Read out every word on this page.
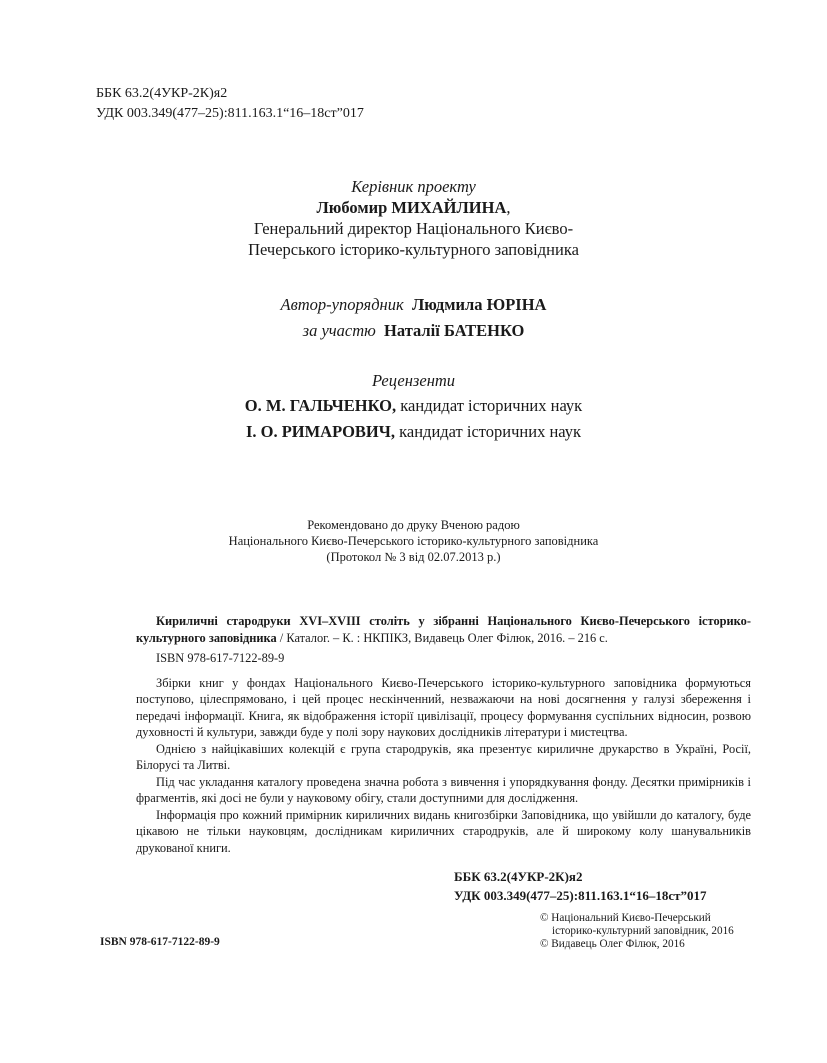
ББК 63.2(4УКР-2К)я2
УДК 003.349(477–25):811.163.1“16–18ст”017
Керівник проекту
Любомир МИХАЙЛИНА,
Генеральний директор Національного Києво-
Печерського історико-культурного заповідника
Автор-упорядник Людмила ЮРІНА
за участю Наталії БАТЕНКО
Рецензенти
О. М. ГАЛЬЧЕНКО, кандидат історичних наук
І. О. РИМАРОВИЧ, кандидат історичних наук
Рекомендовано до друку Вченою радою
Національного Києво-Печерського історико-культурного заповідника
(Протокол № 3 від 02.07.2013 р.)

Кириличні стародруки XVI–XVIII століть у зібранні Національного Києво-Печерського історико-культурного заповідника / Каталог. – К. : НКПІКЗ, Видавець Олег Філюк, 2016. – 216 с.

ISBN 978-617-7122-89-9

Збірки книг у фондах Національного Києво-Печерського історико-культурного заповідника формуються поступово, цілеспрямовано, і цей процес нескінченний, незважаючи на нові досягнення у галузі збереження і передачі інформації. Книга, як відображення історії цивілізації, процесу формування суспільних відносин, розвою духовності й культури, завжди буде у полі зору наукових дослідників літератури і мистецтва.

Однією з найцікавіших колекцій є група стародруків, яка презентує кириличне друкарство в Україні, Росії, Білорусі та Литві.

Під час укладання каталогу проведена значна робота з вивчення і упорядкування фонду. Десятки примірників і фрагментів, які досі не були у науковому обігу, стали доступними для дослідження.

Інформація про кожний примірник кириличних видань книгозбірки Заповідника, що увійшли до каталогу, буде цікавою не тільки науковцям, дослідникам кириличних стародруків, але й широкому колу шанувальників друкованої книги.

ББК 63.2(4УКР-2К)я2
УДК 003.349(477–25):811.163.1“16–18ст”017
© Національний Києво-Печерський
історико-культурний заповідник, 2016
© Видавець Олег Філюк, 2016
ISBN 978-617-7122-89-9
